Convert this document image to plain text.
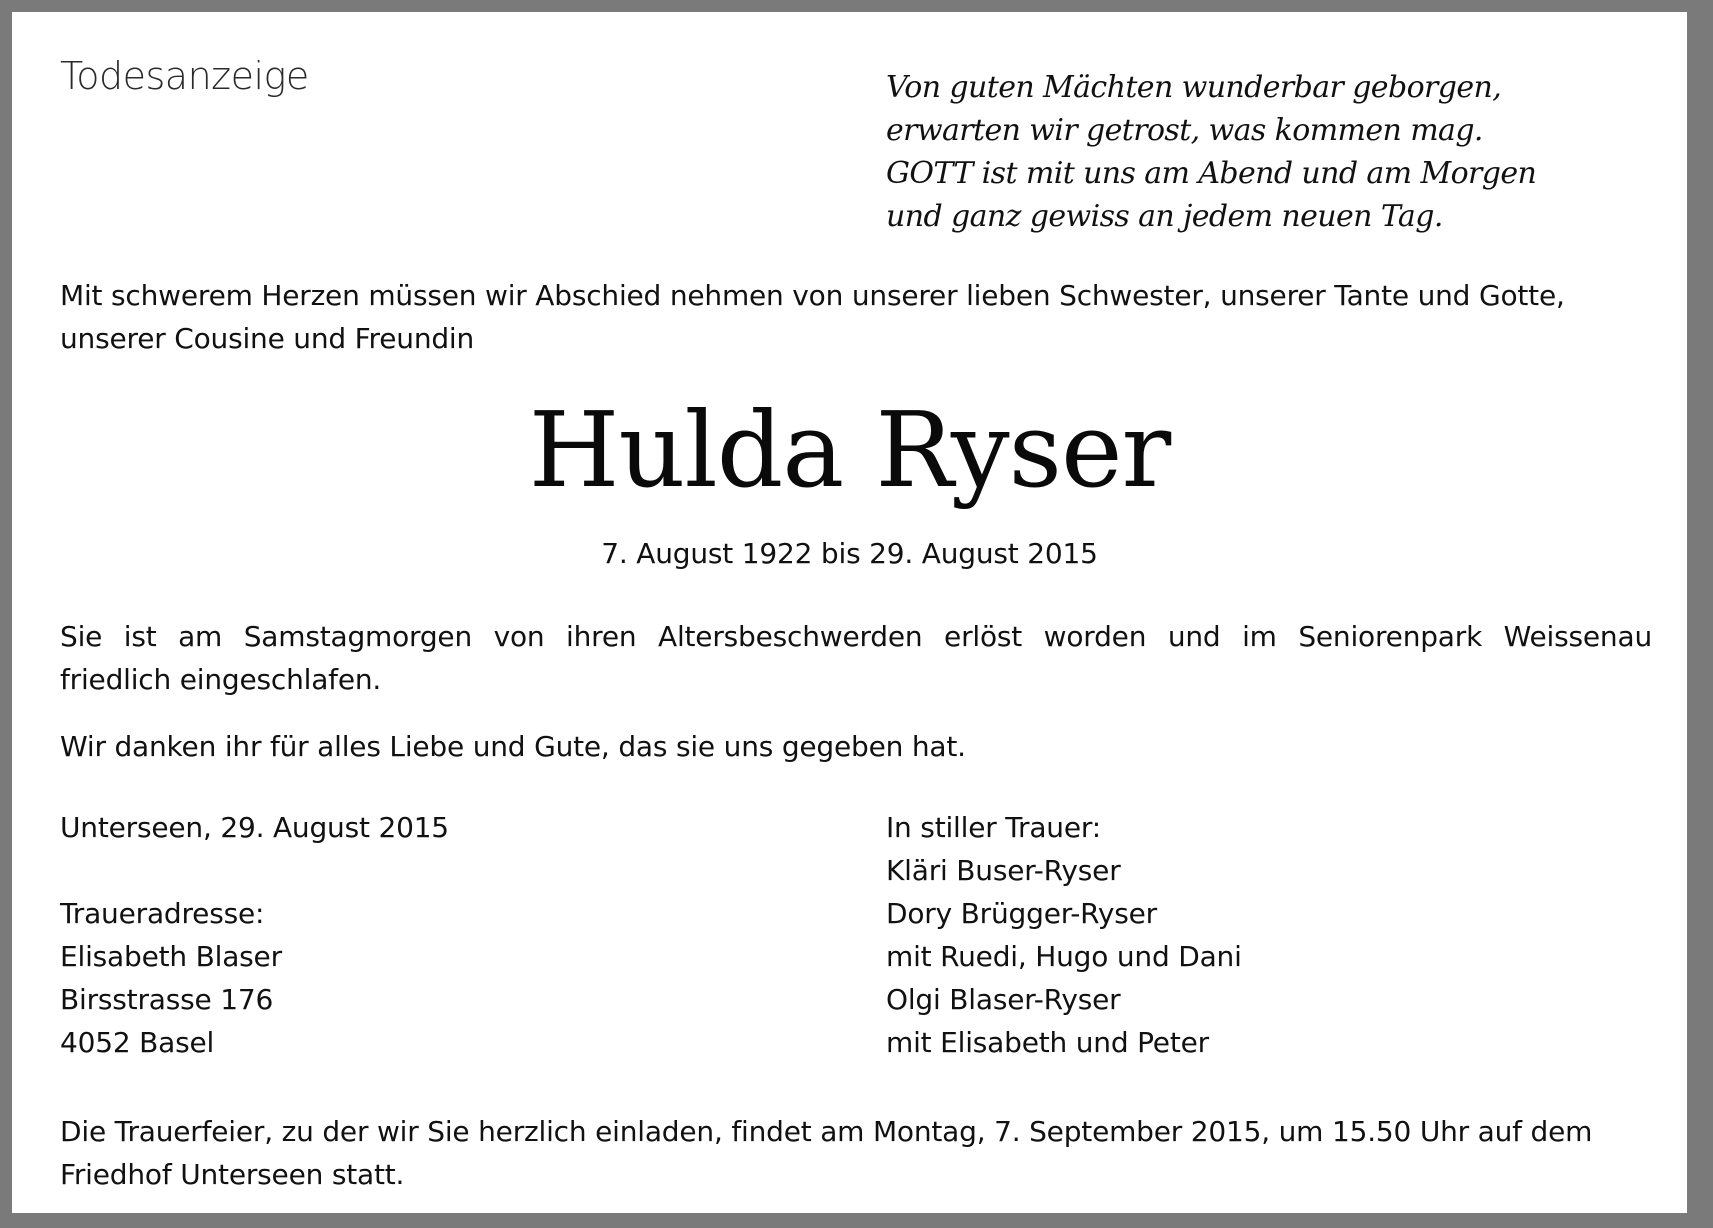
Todesanzeige	Von guten Mächten wunderbar geborgen,
erwarten wir getrost, was kommen mag.
GOTT ist mit uns am Abend und am Morgen
und ganz gewiss an jedem neuen Tag.

Mit schwerem Herzen müssen wir Abschied nehmen von unserer lieben Schwester, unserer Tante und Gotte,
unserer Cousine und Freundin

Hulda Ryser
7. August 1922 bis 29. August 2015

Sie ist am Samstagmorgen von ihren Altersbeschwerden erlöst worden und im Seniorenpark Weissenau
friedlich eingeschlafen.

Wir danken ihr für alles Liebe und Gute, das sie uns gegeben hat.

Unterseen, 29. August 2015

Traueradresse:
Elisabeth Blaser
Birsstrasse 176
4052 Basel
In stiller Trauer:
Kläri Buser-Ryser
Dory Brügger-Ryser
mit Ruedi, Hugo und Dani
Olgi Blaser-Ryser
mit Elisabeth und Peter

Die Trauerfeier, zu der wir Sie herzlich einladen, findet am Montag, 7. September 2015, um 15.50 Uhr auf dem
Friedhof Unterseen statt.
